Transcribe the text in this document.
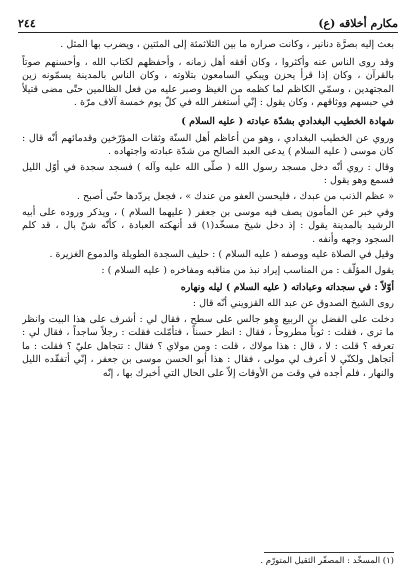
٢٤٤	مكارم أخلاقه (ع)

بعث إليه بصرَّة دنانير ، وكانت صراره ما بين الثلاثمئة إلى المئتين ، ويضرب بها المثل .

وقد روى الناس عنه وأكثروا ، وكان أفقه أهل زمانه ، وأحفظهم لكتاب الله ، وأحسنهم صوتاً بالقرآن ، وكان إذا قرأ يحزن ويبكي السامعون بتلاوته ، وكان الناس بالمدينة يسمّونه زين المجتهدين ، وسمّي الكاظم لما كظمه من الغيظ وصبر عليه من فعل الظالمين حتّى مضى قتيلاً في حبسهم ووثاقهم ، وكان يقول : إنّي أستغفر الله في كلّ يوم خمسة آلاف مرّة .

شهادة الخطيب البغدادي بشدّة عبادته ( عليه السلام )

وروي عن الخطيب البغدادي ، وهو من أعاظم أهل السنّة وثقات المؤرّخين وقدمائهم أنّه قال : كان موسى ( عليه السلام ) يدعى العبد الصالح من شدّة عبادته واجتهاده .

وقال : روي أنّه دخل مسجد رسول الله ( صلّى الله عليه وآله ) فسجد سجدة في أوّل الليل فسمع وهو يقول :

« عظم الذنب من عبدك ، فليحسن العفو من عندك » ، فجعل يردّدها حتّى أصبح .

وفي خبر عن المأمون يصف فيه موسى بن جعفر ( عليهما السلام ) ، ويذكر وروده على أبيه الرشيد بالمدينة يقول : إذ دخل شيخ مسخّد(١) قد أنهكته العبادة ، كأنّه شنّ بال ، قد كلم السجود وجهه وأنفه .

وقيل في الصلاة عليه ووصفه ( عليه السلام ) : حليف السجدة الطويلة والدموع الغزيرة .

يقول المؤلّف : من المناسب إيراد نبذ من مناقبه ومفاخره ( عليه السلام ) :

أوّلاً : في سجداته وعباداته ( عليه السلام ) ليله ونهاره

روى الشيخ الصدوق عن عبد الله القزويني أنّه قال :

دخلت على الفضل بن الربيع وهو جالس على سطح ، فقال لي : أشرف على هذا البيت وانظر ما ترى ، فقلت : ثوباً مطروحاً ، فقال : انظر حسناً ، فتأمّلت فقلت : رجلاً ساجداً ، فقال لي : تعرفه ؟ قلت : لا ، قال : هذا مولاك ، قلت : ومن مولاي ؟ فقال : تتجاهل عليّ ؟ فقلت : ما أتجاهل ولكنّي لا أعرف لي مولى ، فقال : هذا أبو الحسن موسى بن جعفر ، إنّي أتفقّده الليل والنهار ، فلم أجده في وقت من الأوقات إلاّ على الحال التي أخبرك بها ، إنّه

(١) المسخّد : المصفّر الثقيل المتورّم .
